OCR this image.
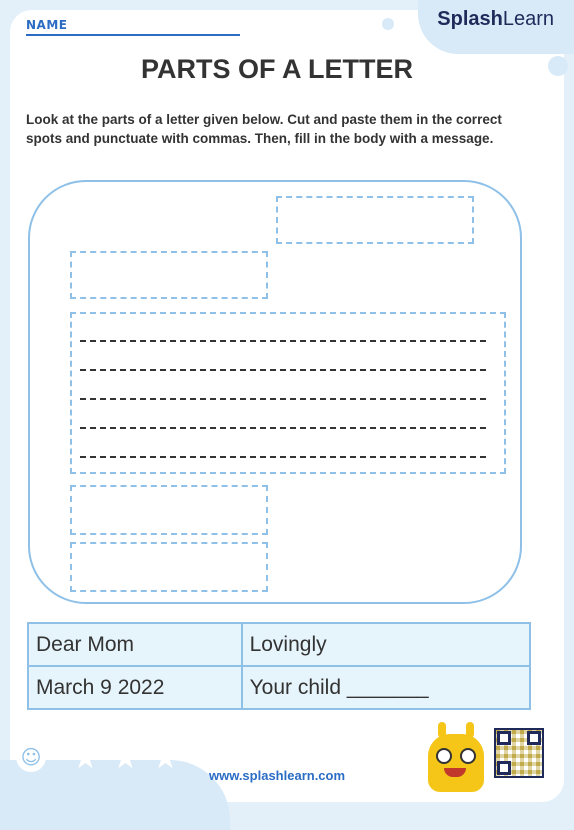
NAME	SplashLearn
PARTS OF A LETTER
Look at the parts of a letter given below. Cut and paste them in the correct spots and punctuate with commas. Then, fill in the body with a message.
Dear Mom	Lovingly
March 9 2022	Your child _______
☺ ★ ★ ★	www.splashlearn.com
